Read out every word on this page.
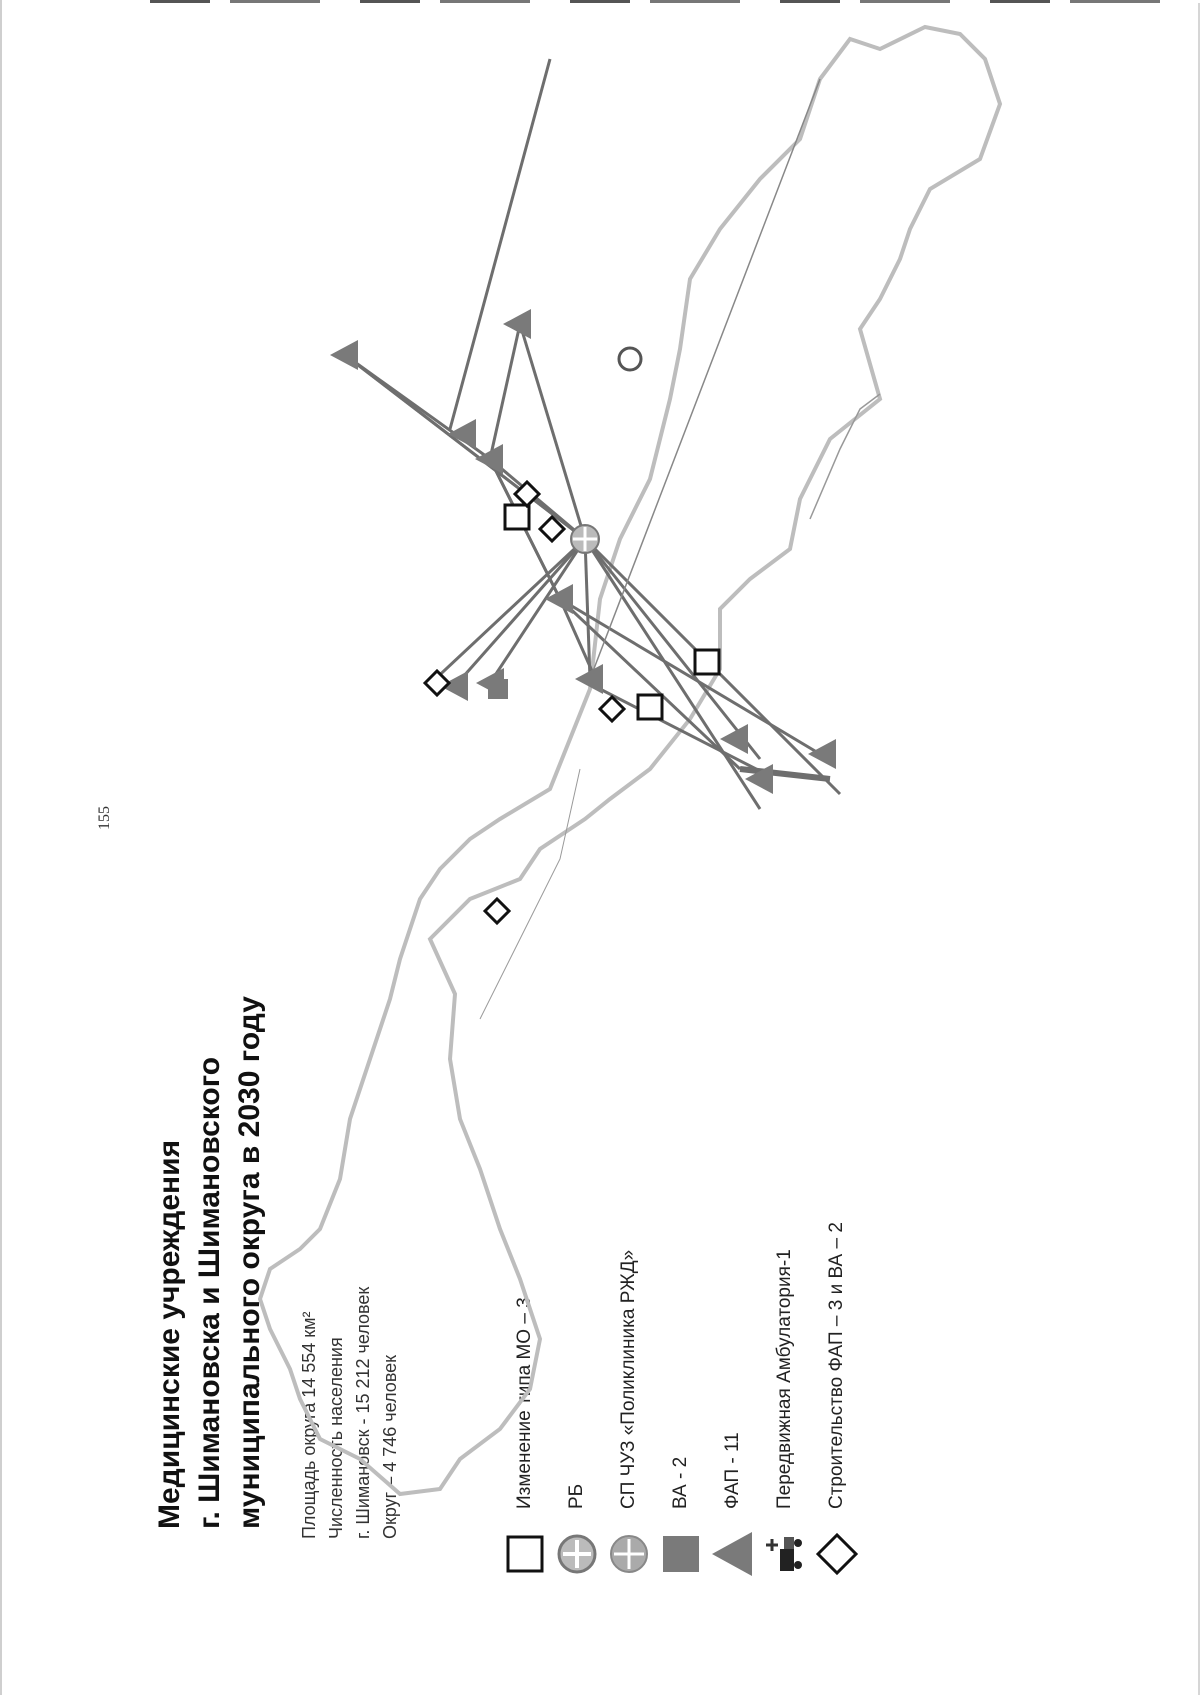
155
Медицинские учреждения г. Шимановска и Шимановского муниципального округа в 2030 году Площадь округа 14 554 км² Численность населения г. Шимановск - 15 212 человек Округ – 4 746 человек	Изменение типа МО – 3 РБ СП ЧУЗ «Поликлиника РЖД» ВА - 2 ФАП - 11 Передвижная Амбулатория-1 Строительство ФАП – 3 и ВА – 2
